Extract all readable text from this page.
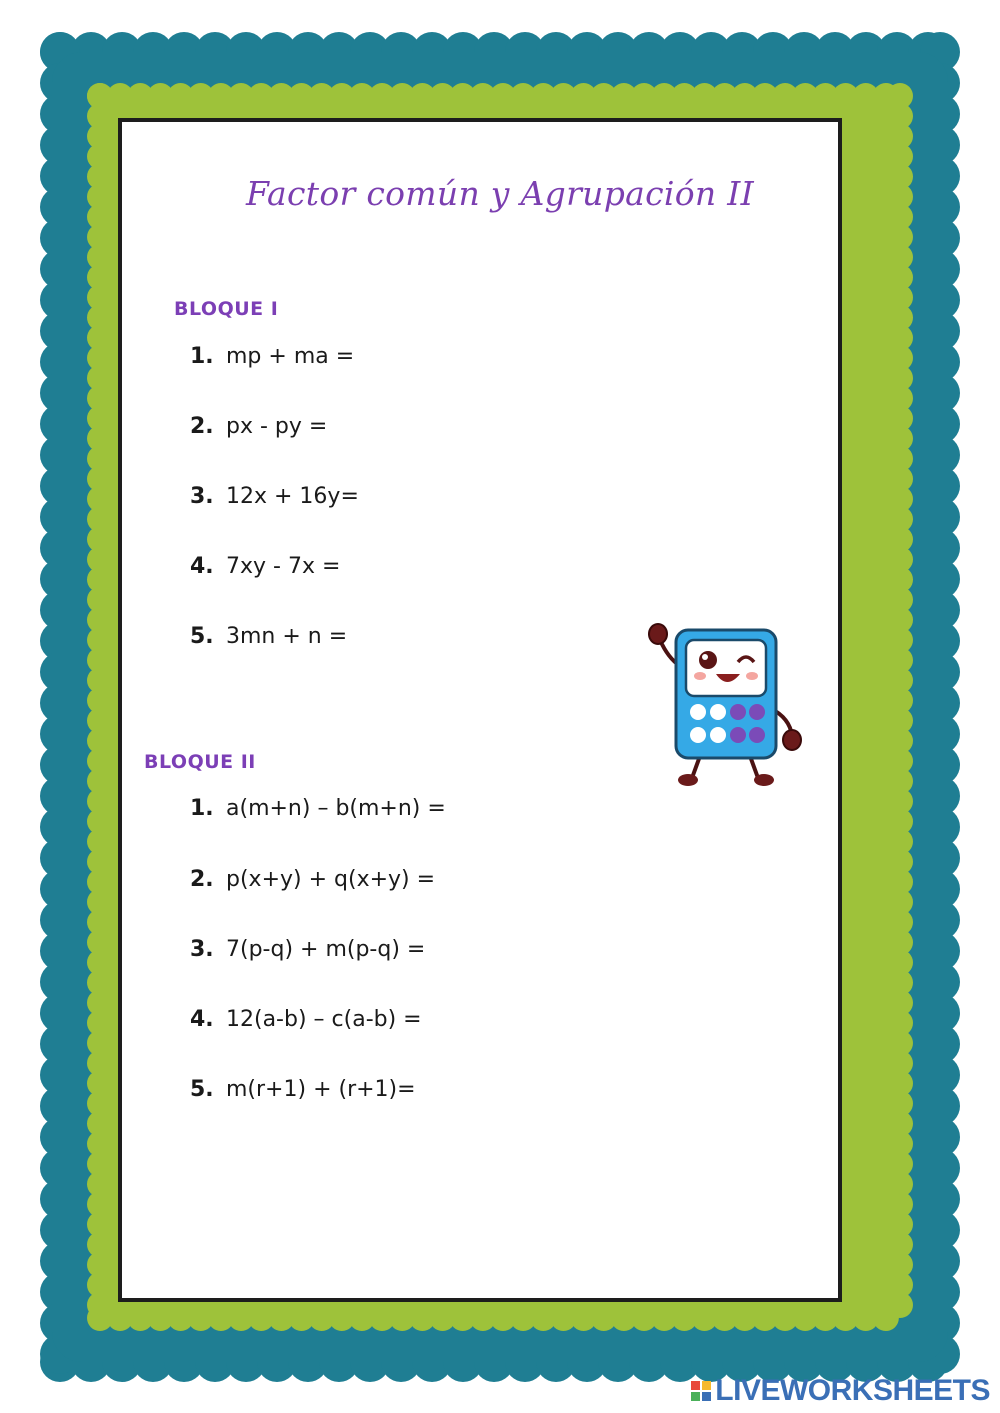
Factor común y Agrupación II
BLOQUE I
1. mp + ma =
2. px - py =
3. 12x + 16y=
4. 7xy - 7x =
5. 3mn + n =
BLOQUE II
1. a(m+n) – b(m+n) =
2. p(x+y) + q(x+y) =
3. 7(p-q) + m(p-q) =
4. 12(a-b) – c(a-b) =
5. m(r+1) + (r+1)=
LIVEWORKSHEETS
